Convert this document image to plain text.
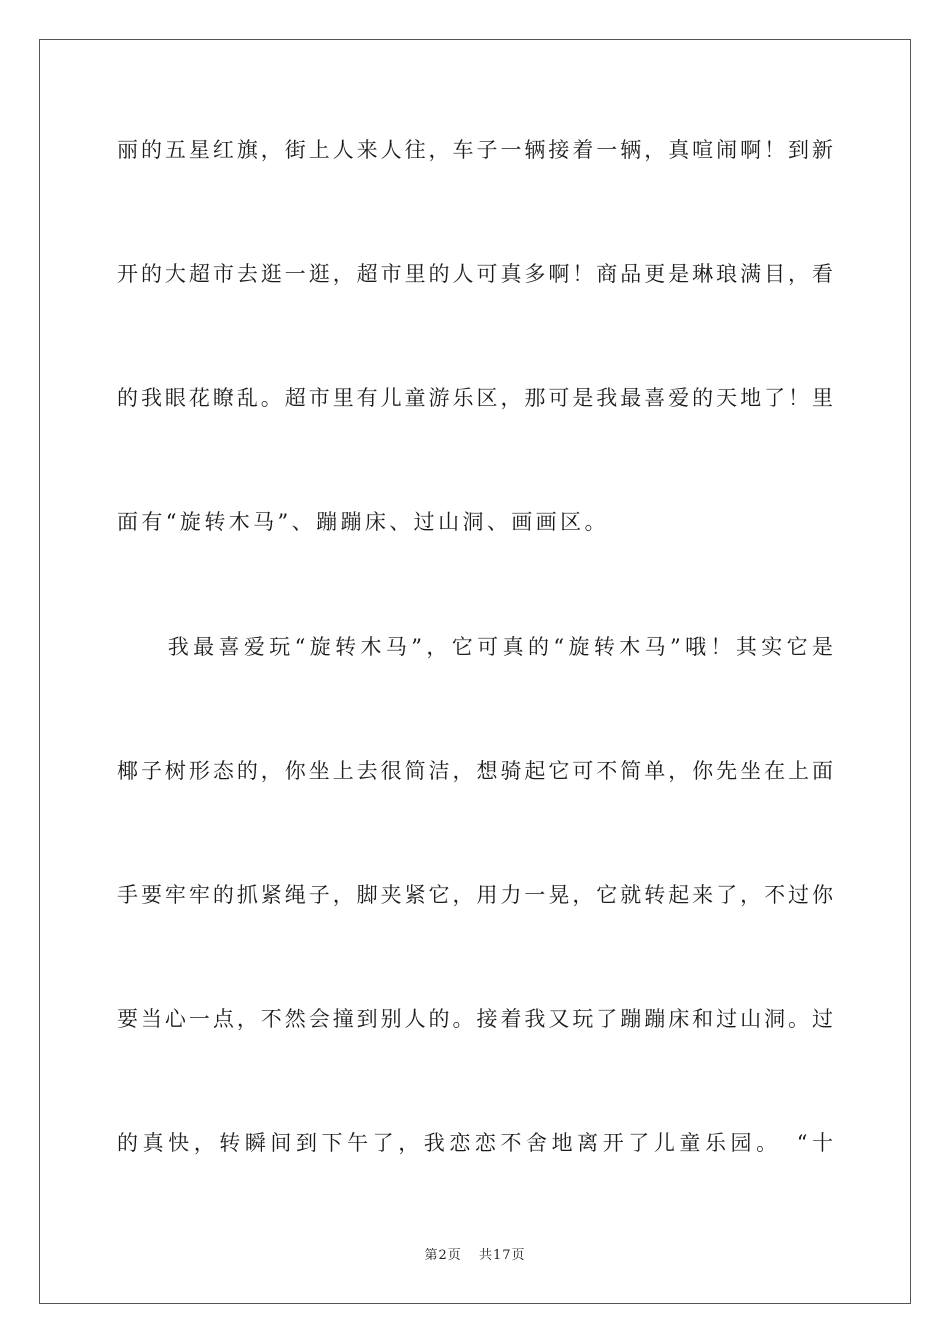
丽的五星红旗，街上人来人往，车子一辆接着一辆，真喧闹啊！到新
开的大超市去逛一逛，超市里的人可真多啊！商品更是琳琅满目，看
的我眼花瞭乱。超市里有儿童游乐区，那可是我最喜爱的天地了！里
面有“旋转木马”、蹦蹦床、过山洞、画画区。
　　我最喜爱玩“旋转木马”，它可真的“旋转木马”哦！其实它是
椰子树形态的，你坐上去很简洁，想骑起它可不简单，你先坐在上面
手要牢牢的抓紧绳子，脚夹紧它，用力一晃，它就转起来了，不过你
要当心一点，不然会撞到别人的。接着我又玩了蹦蹦床和过山洞。过
的真快，转瞬间到下午了，我恋恋不舍地离开了儿童乐园。　“十
第2页 共17页
